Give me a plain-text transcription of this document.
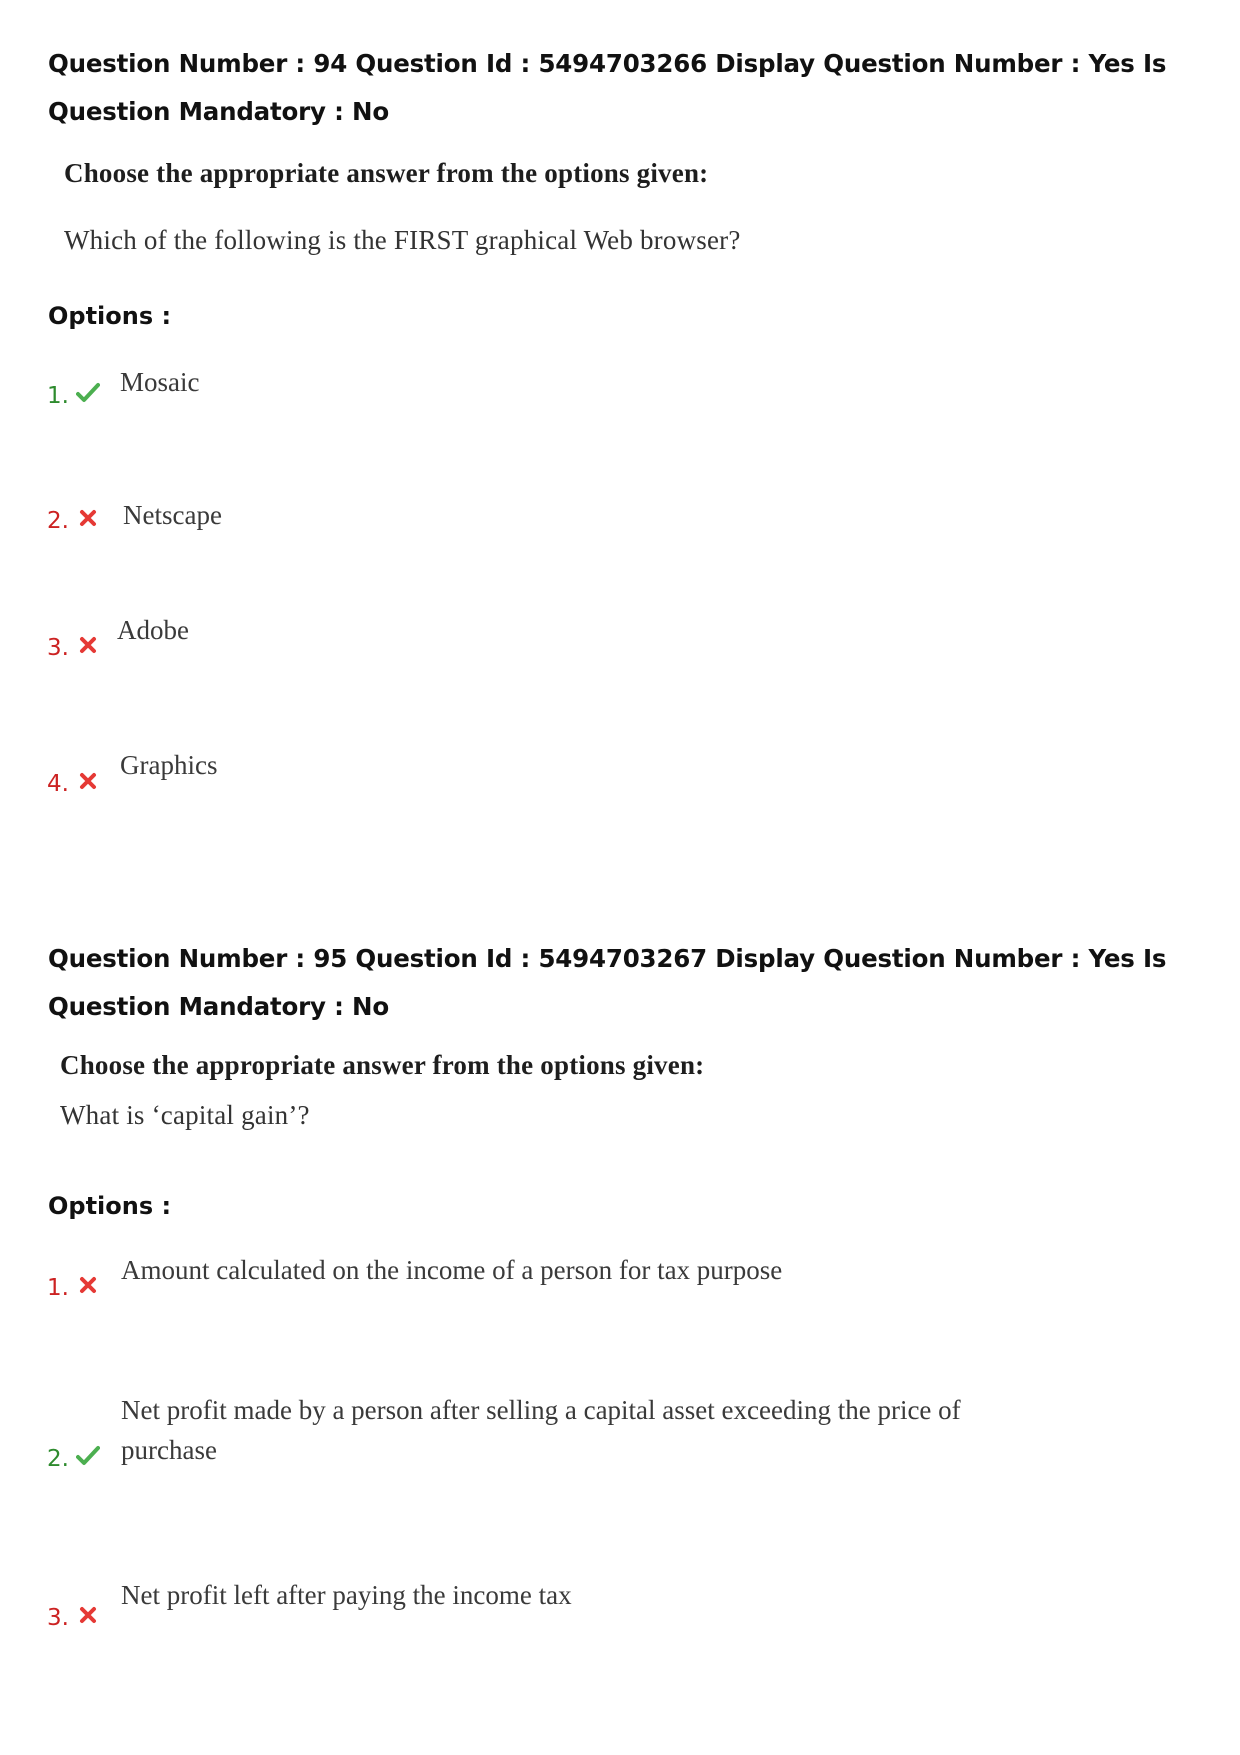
Question Number : 94 Question Id : 5494703266 Display Question Number : Yes Is Question Mandatory : No
Choose the appropriate answer from the options given:
Which of the following is the FIRST graphical Web browser?
Options :
1. Mosaic
2. Netscape
3.
Adobe
4.
Graphics
Question Number : 95 Question Id : 5494703267 Display Question Number : Yes Is Question Mandatory : No
Choose the appropriate answer from the options given:
What is ‘capital gain’?
Options :
1.
Amount calculated on the income of a person for tax purpose
2.
Net profit made by a person after selling a capital asset exceeding the price of purchase
3.
Net profit left after paying the income tax
